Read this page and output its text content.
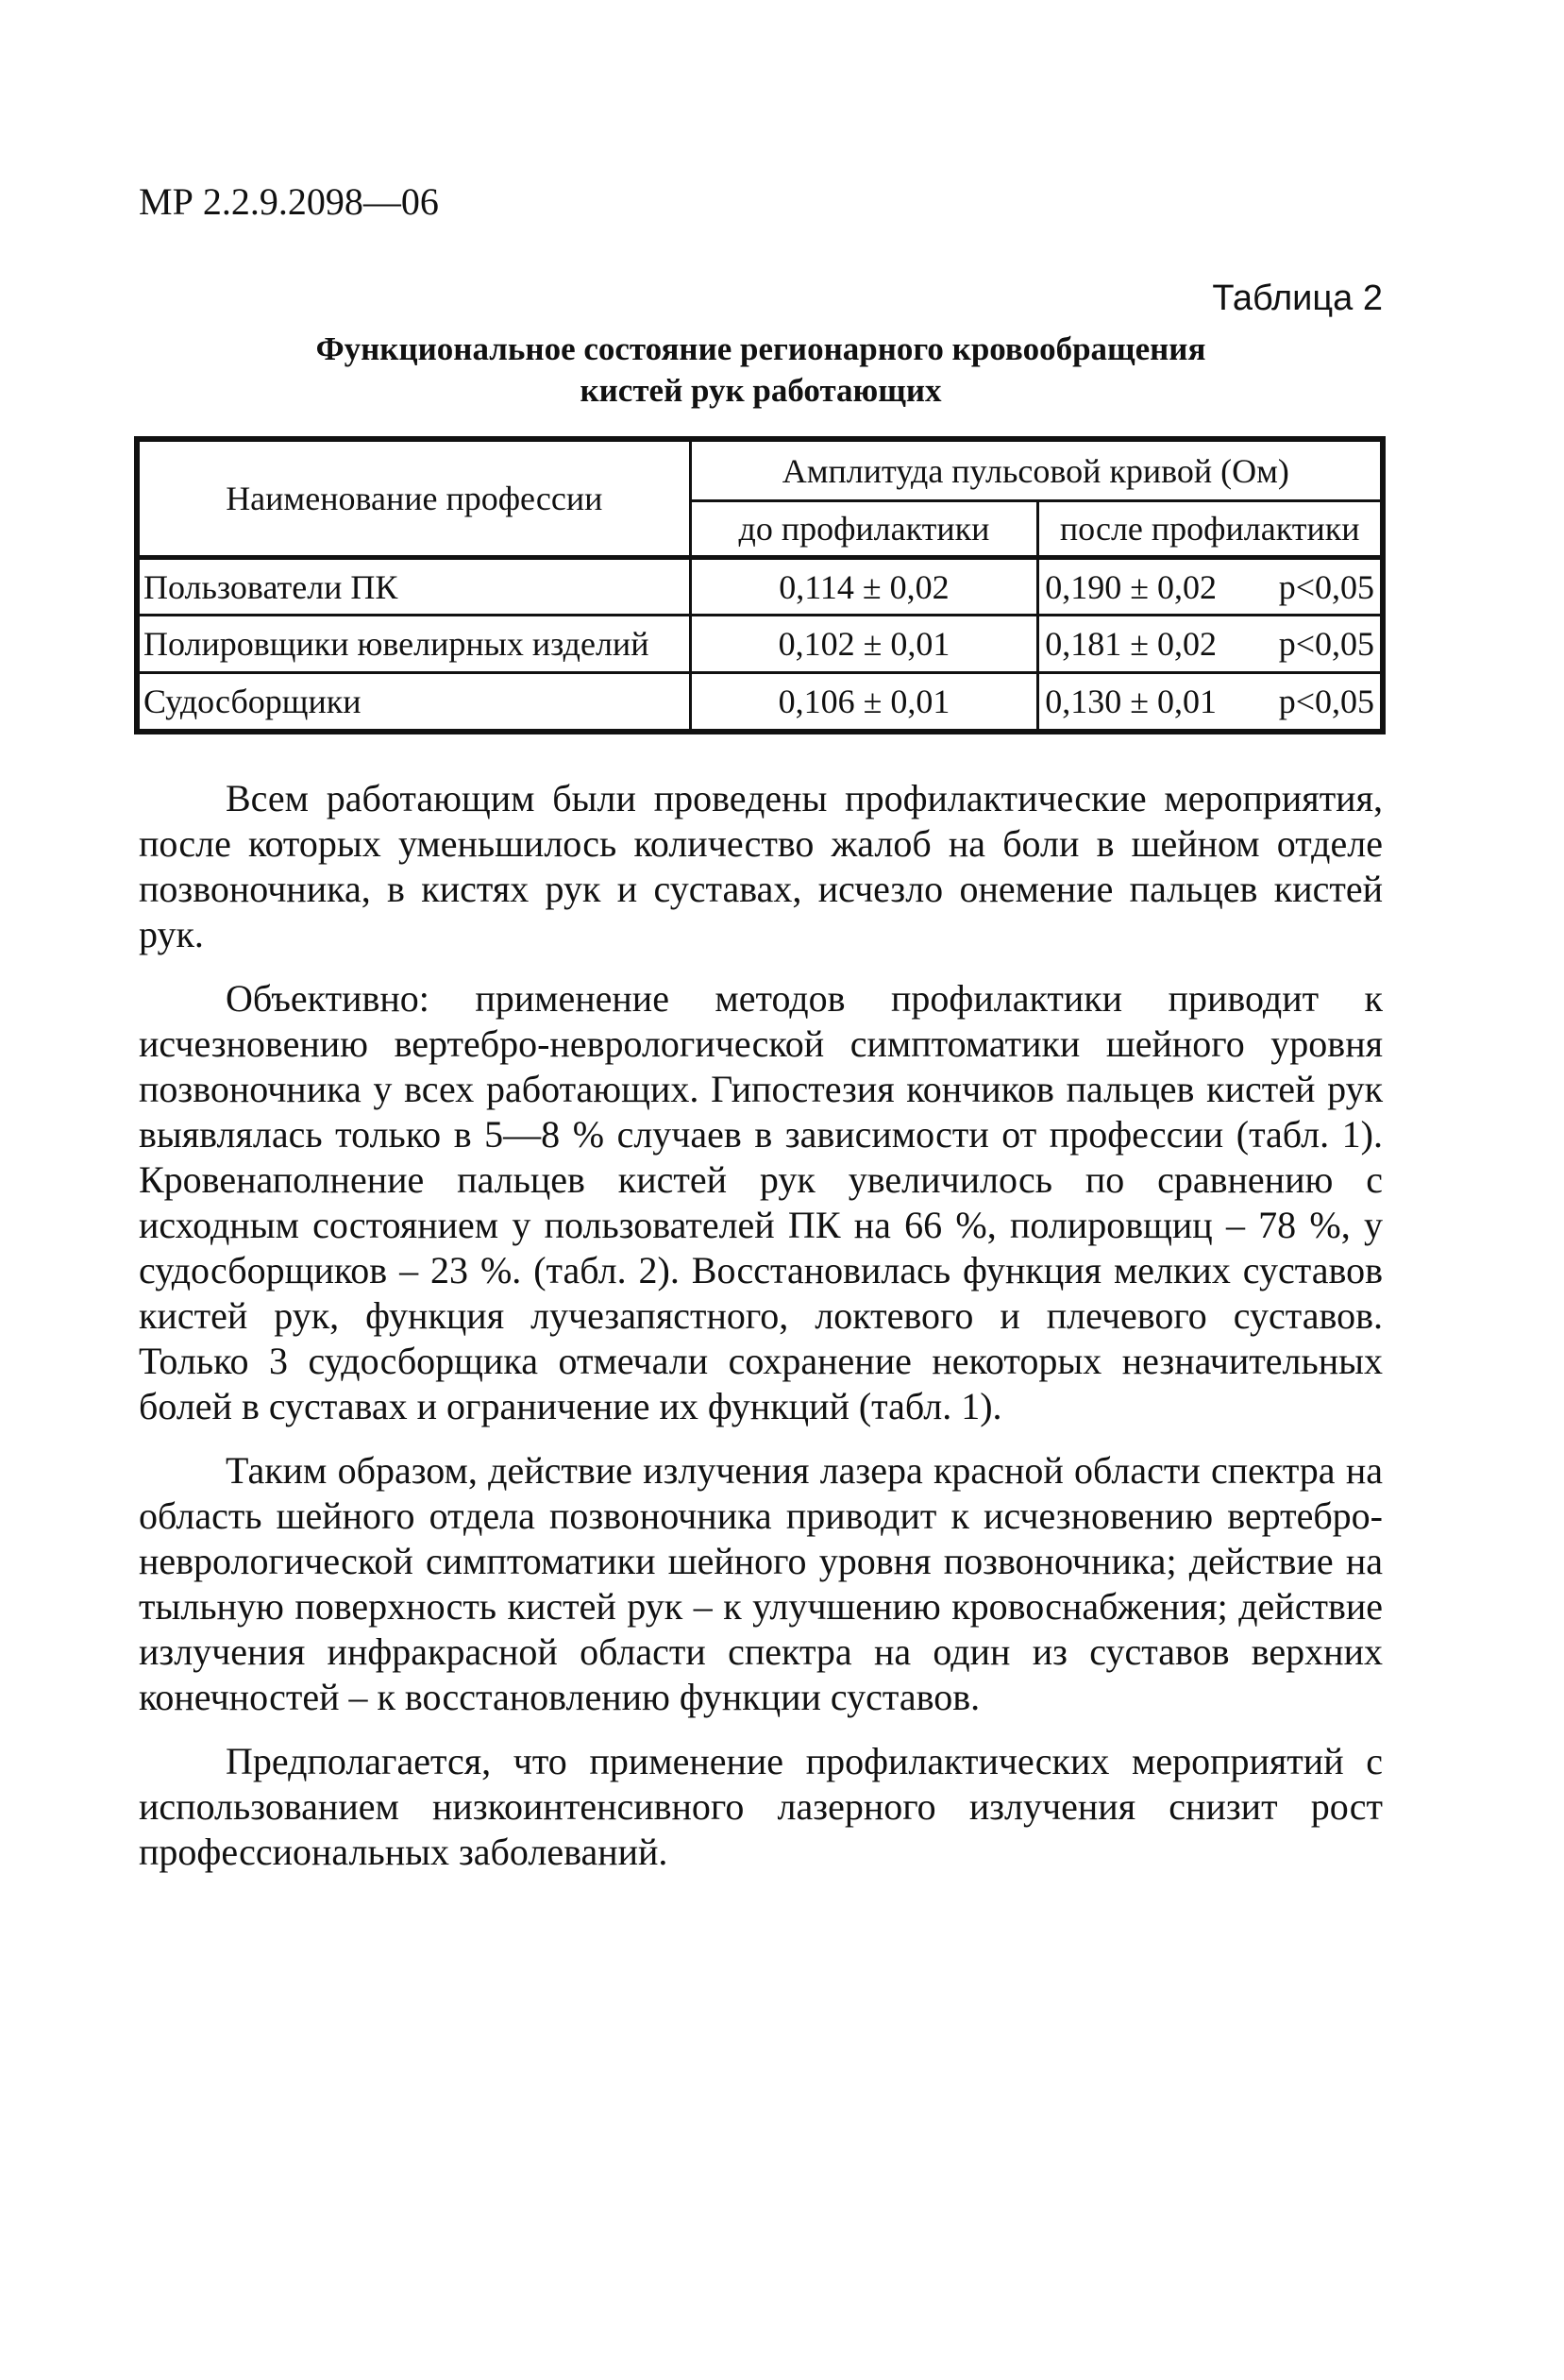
МР 2.2.9.2098—06
Таблица 2
Функциональное состояние регионарного кровообращения
кистей рук работающих
Наименование профессии	Амплитуда пульсовой кривой (Ом)	
	до профилактики	после профилактики
Пользователи ПК	0,114 ± 0,02	0,190 ± 0,02 p<0,05

Полировщики ювелирных изделий	0,102 ± 0,01	0,181 ± 0,02 p<0,05

Судосборщики	0,106 ± 0,01	0,130 ± 0,01 p<0,05

Всем работающим были проведены профилактические мероприятия, после которых уменьшилось количество жалоб на боли в шейном отделе позвоночника, в кистях рук и суставах, исчезло онемение пальцев кистей рук.

Объективно: применение методов профилактики приводит к исчезновению вертебро-неврологической симптоматики шейного уровня позвоночника у всех работающих. Гипостезия кончиков пальцев кистей рук выявлялась только в 5—8 % случаев в зависимости от профессии (табл. 1). Кровенаполнение пальцев кистей рук увеличилось по сравнению с исходным состоянием у пользователей ПК на 66 %, полировщиц – 78 %, у судосборщиков – 23 %. (табл. 2). Восстановилась функция мелких суставов кистей рук, функция лучезапястного, локтевого и плечевого суставов. Только 3 судосборщика отмечали сохранение некоторых незначительных болей в суставах и ограничение их функций (табл. 1).

Таким образом, действие излучения лазера красной области спектра на область шейного отдела позвоночника приводит к исчезновению вертебро-неврологической симптоматики шейного уровня позвоночника; действие на тыльную поверхность кистей рук – к улучшению кровоснабжения; действие излучения инфракрасной области спектра на один из суставов верхних конечностей – к восстановлению функции суставов.

Предполагается, что применение профилактических мероприятий с использованием низкоинтенсивного лазерного излучения снизит рост профессиональных заболеваний.
